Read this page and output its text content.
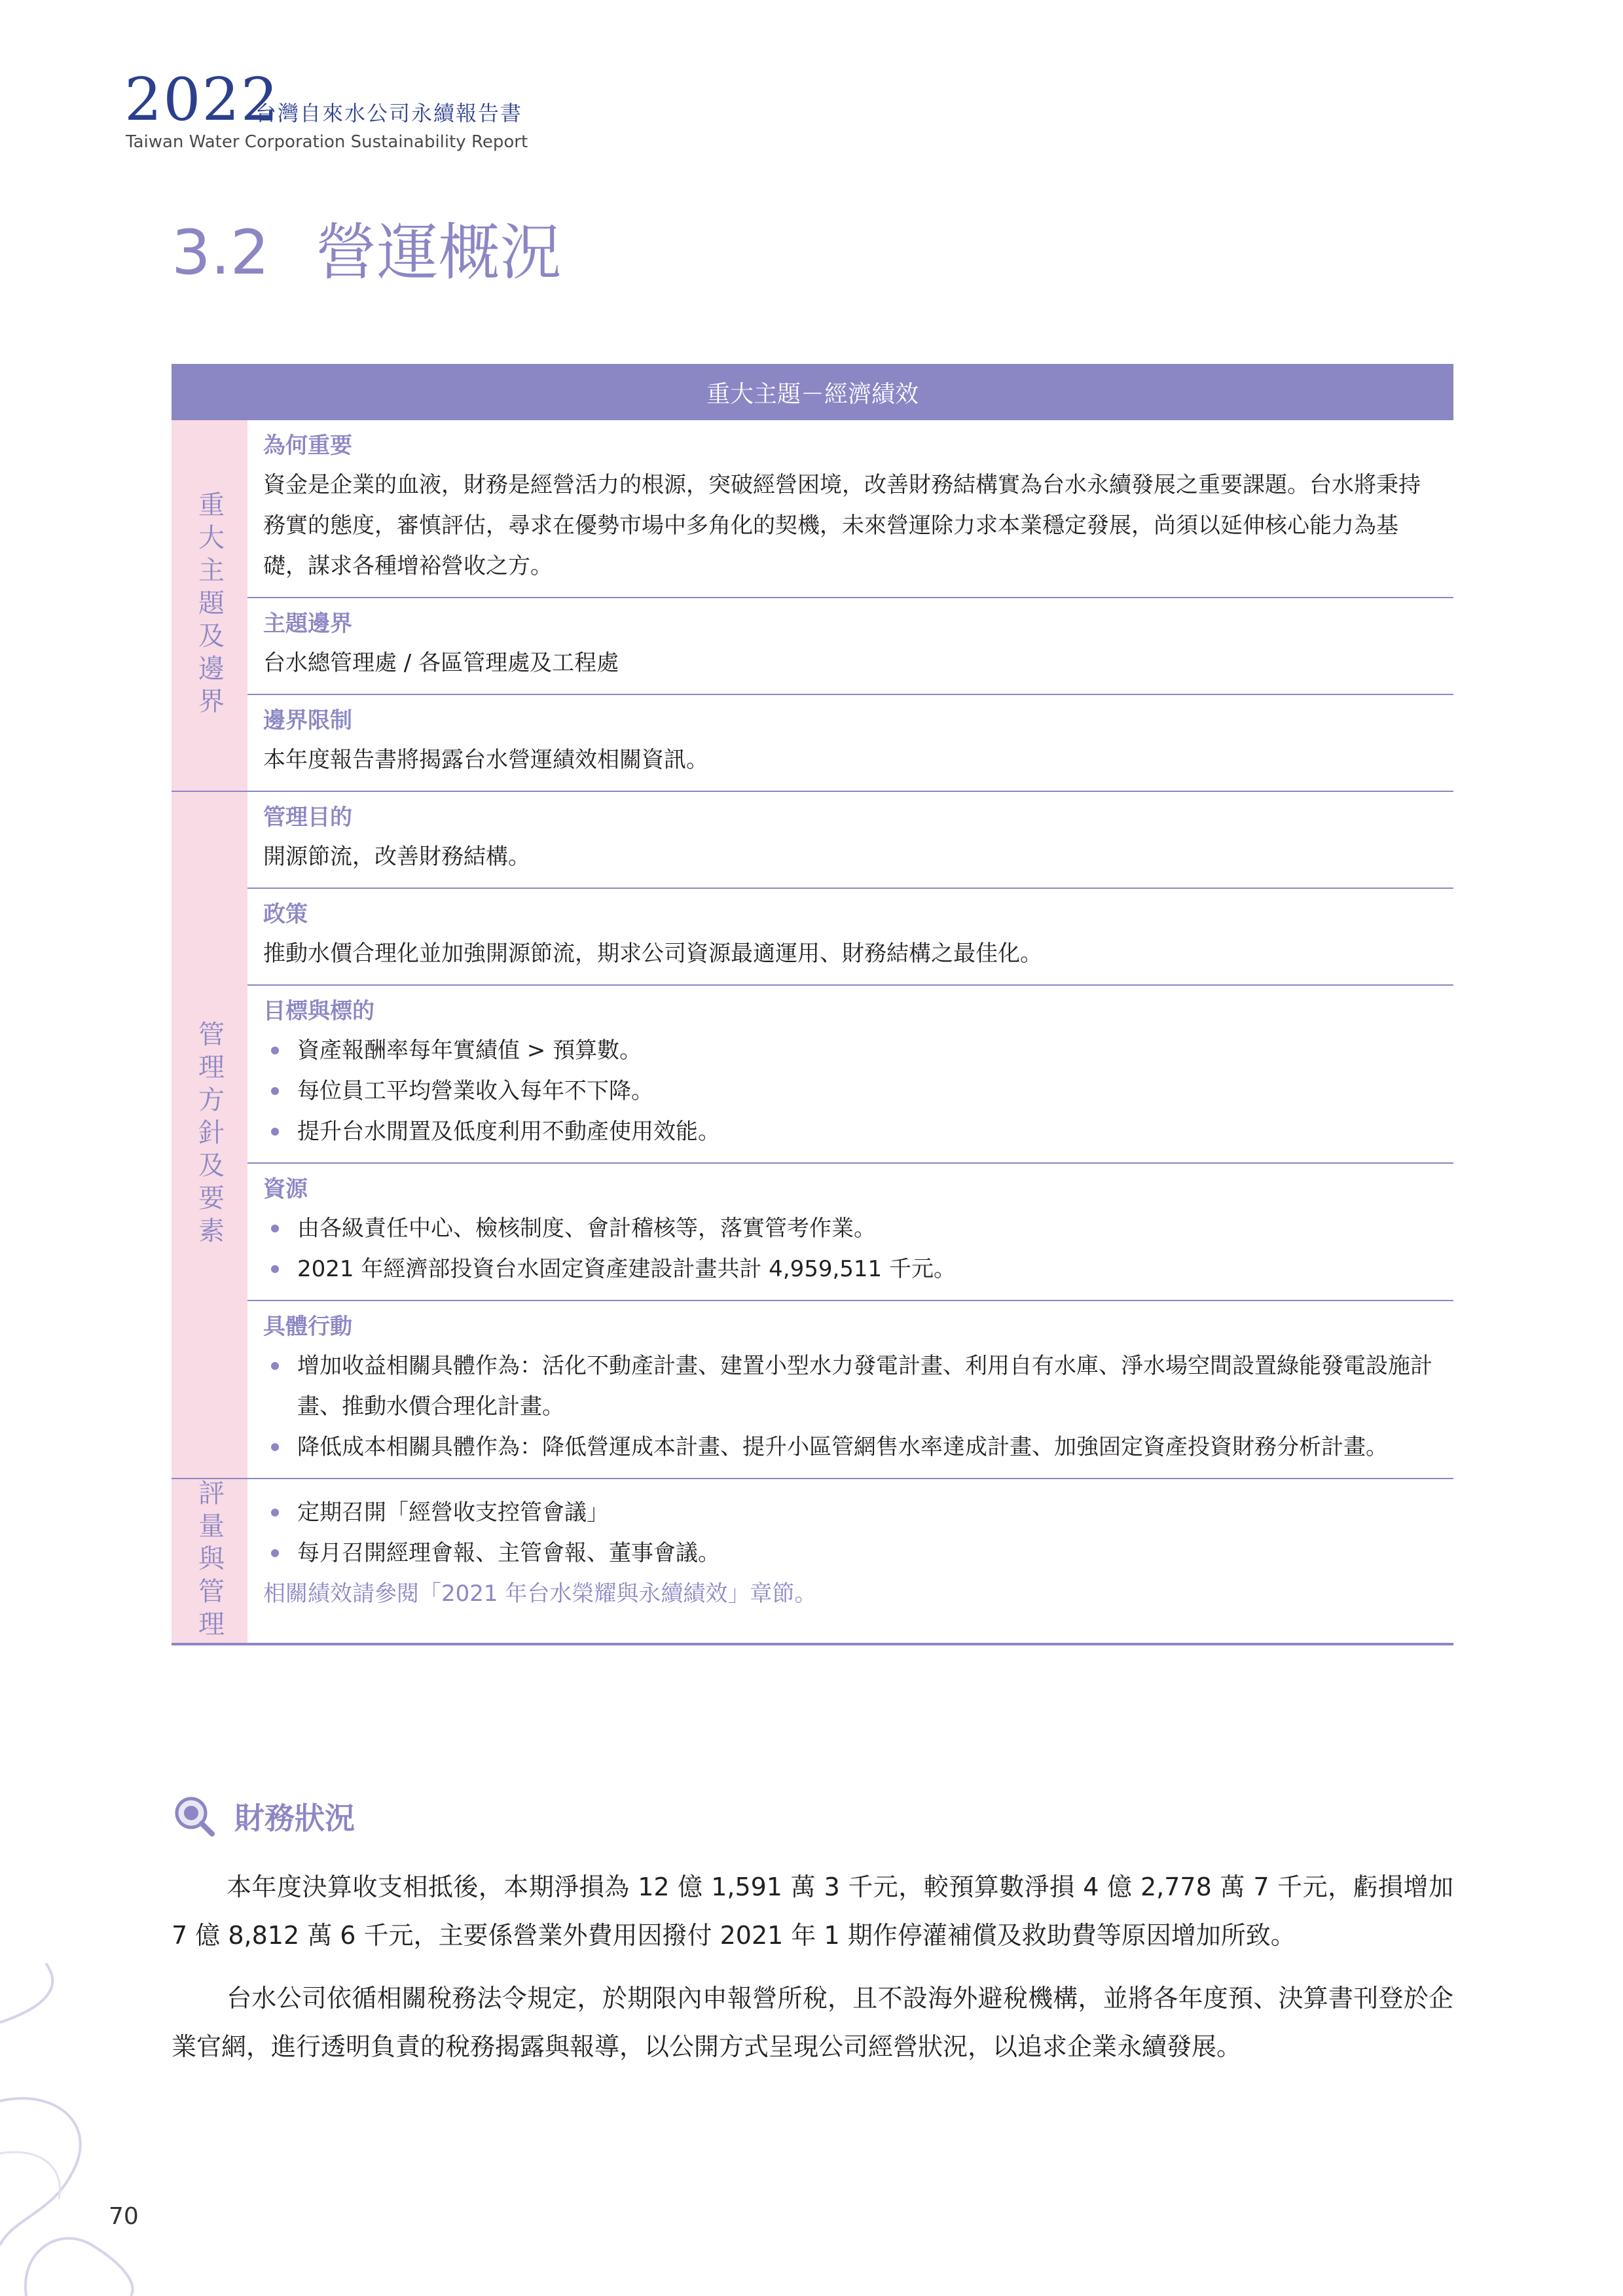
2022
台灣自來水公司永續報告書
Taiwan Water Corporation Sustainability Report
3.2 營運概況
重大主題－經濟績效
重大主題及邊界
為何重要
資金是企業的血液，財務是經營活力的根源，突破經營困境，改善財務結構實為台水永續發展之重要課題。台水將秉持務實的態度，審慎評估，尋求在優勢市場中多角化的契機，未來營運除力求本業穩定發展，尚須以延伸核心能力為基礎，謀求各種增裕營收之方。
主題邊界
台水總管理處 / 各區管理處及工程處
邊界限制
本年度報告書將揭露台水營運績效相關資訊。
管理方針及要素
管理目的
開源節流，改善財務結構。
政策
推動水價合理化並加強開源節流，期求公司資源最適運用、財務結構之最佳化。
目標與標的
資產報酬率每年實績值 > 預算數。
每位員工平均營業收入每年不下降。
提升台水閒置及低度利用不動產使用效能。
資源
由各級責任中心、檢核制度、會計稽核等，落實管考作業。
2021 年經濟部投資台水固定資產建設計畫共計 4,959,511 千元。
具體行動
增加收益相關具體作為：活化不動產計畫、建置小型水力發電計畫、利用自有水庫、淨水場空間設置綠能發電設施計畫、推動水價合理化計畫。
降低成本相關具體作為：降低營運成本計畫、提升小區管網售水率達成計畫、加強固定資產投資財務分析計畫。
評量與管理	定期召開「經營收支控管會議」
每月召開經理會報、主管會報、董事會議。
相關績效請參閱「2021 年台水榮耀與永續績效」章節。
財務狀況

本年度決算收支相抵後，本期淨損為 12 億 1,591 萬 3 千元，較預算數淨損 4 億 2,778 萬 7 千元，虧損增加 7 億 8,812 萬 6 千元，主要係營業外費用因撥付 2021 年 1 期作停灌補償及救助費等原因增加所致。

台水公司依循相關稅務法令規定，於期限內申報營所稅，且不設海外避稅機構，並將各年度預、決算書刊登於企業官網，進行透明負責的稅務揭露與報導，以公開方式呈現公司經營狀況，以追求企業永續發展。

70
